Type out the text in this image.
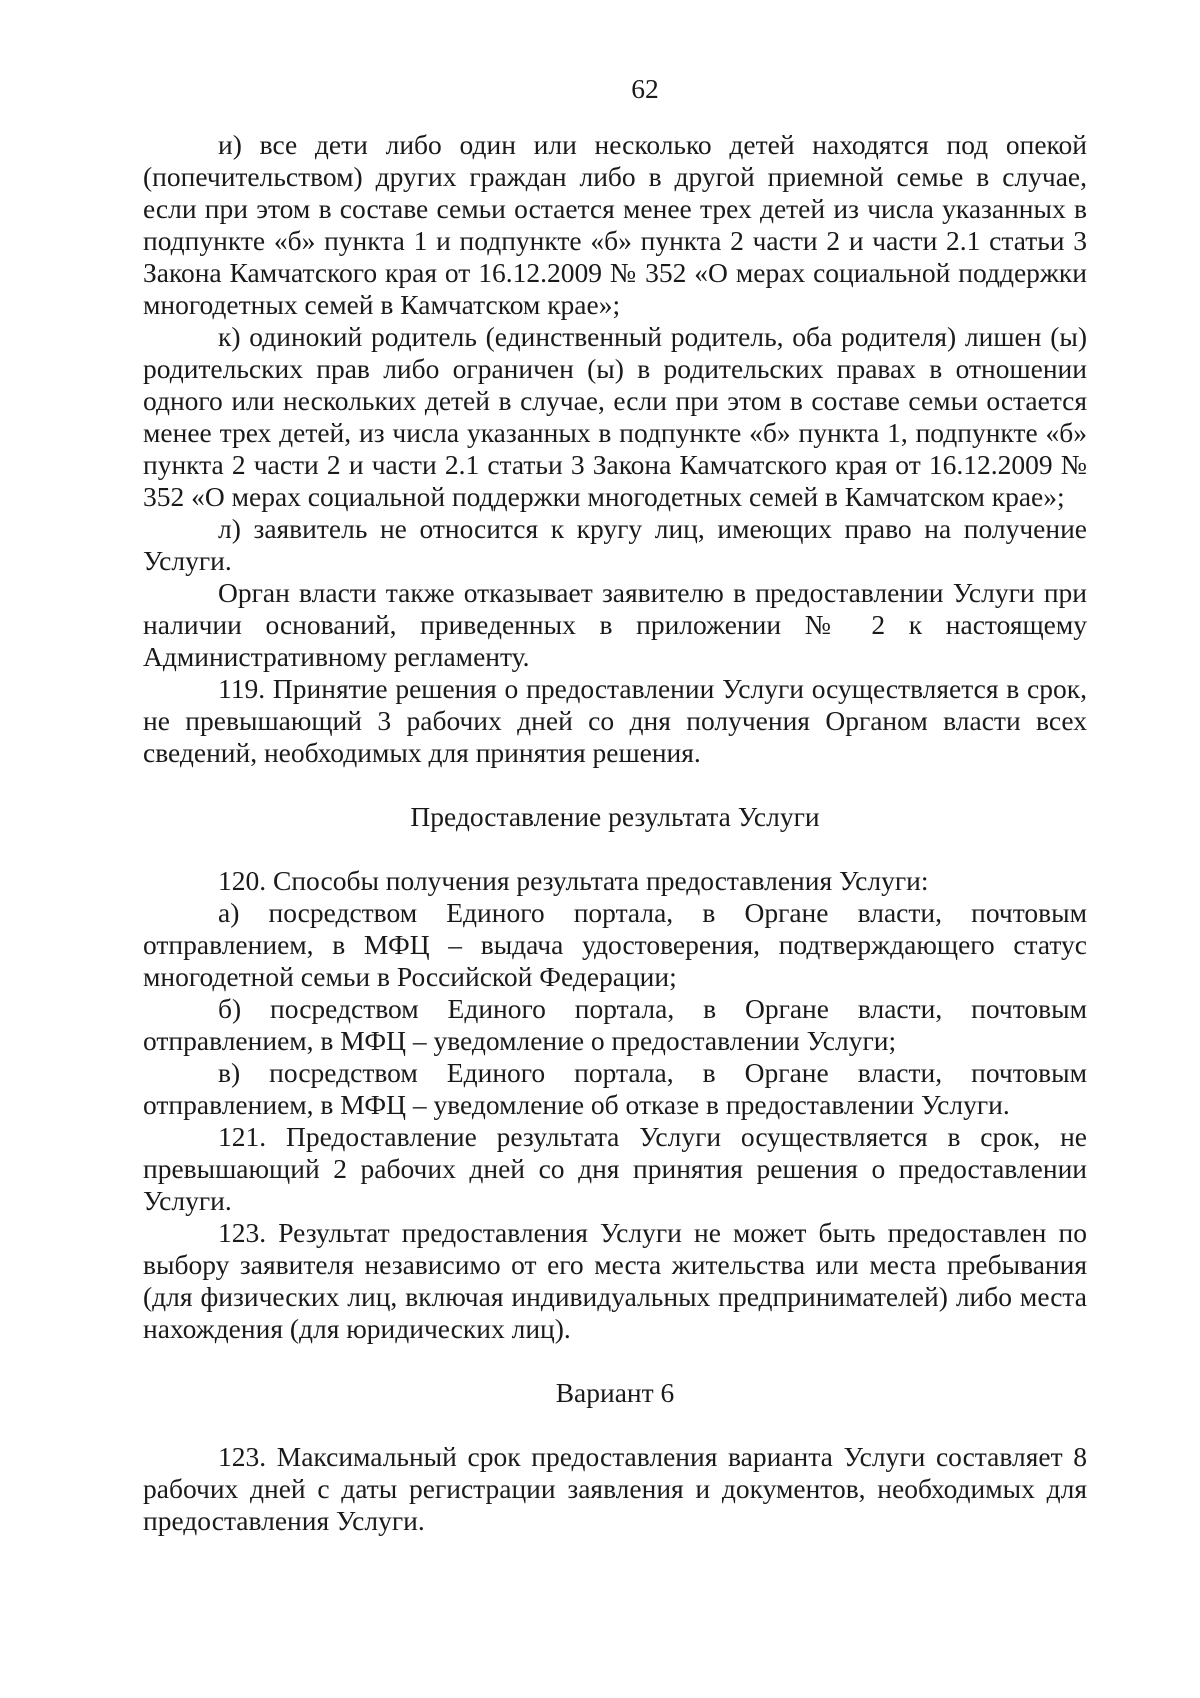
62

и) все дети либо один или несколько детей находятся под опекой (попечительством) других граждан либо в другой приемной семье в случае, если при этом в составе семьи остается менее трех детей из числа указанных в подпункте «б» пункта 1 и подпункте «б» пункта 2 части 2 и части 2.1 статьи 3 Закона Камчатского края от 16.12.2009 № 352 «О мерах социальной поддержки многодетных семей в Камчатском крае»;

к) одинокий родитель (единственный родитель, оба родителя) лишен (ы) родительских прав либо ограничен (ы) в родительских правах в отношении одного или нескольких детей в случае, если при этом в составе семьи остается менее трех детей, из числа указанных в подпункте «б» пункта 1, подпункте «б» пункта 2 части 2 и части 2.1 статьи 3 Закона Камчатского края от 16.12.2009 № 352 «О мерах социальной поддержки многодетных семей в Камчатском крае»;

л) заявитель не относится к кругу лиц, имеющих право на получение Услуги.

Орган власти также отказывает заявителю в предоставлении Услуги при наличии оснований, приведенных в приложении № 2 к настоящему Административному регламенту.

119. Принятие решения о предоставлении Услуги осуществляется в срок, не превышающий 3 рабочих дней со дня получения Органом власти всех сведений, необходимых для принятия решения.

Предоставление результата Услуги

120. Способы получения результата предоставления Услуги:

а) посредством Единого портала, в Органе власти, почтовым отправлением, в МФЦ – выдача удостоверения, подтверждающего статус многодетной семьи в Российской Федерации;

б) посредством Единого портала, в Органе власти, почтовым отправлением, в МФЦ – уведомление о предоставлении Услуги;

в) посредством Единого портала, в Органе власти, почтовым отправлением, в МФЦ – уведомление об отказе в предоставлении Услуги.

121. Предоставление результата Услуги осуществляется в срок, не превышающий 2 рабочих дней со дня принятия решения о предоставлении Услуги.

123. Результат предоставления Услуги не может быть предоставлен по выбору заявителя независимо от его места жительства или места пребывания (для физических лиц, включая индивидуальных предпринимателей) либо места нахождения (для юридических лиц).

Вариант 6

123. Максимальный срок предоставления варианта Услуги составляет 8 рабочих дней с даты регистрации заявления и документов, необходимых для предоставления Услуги.
